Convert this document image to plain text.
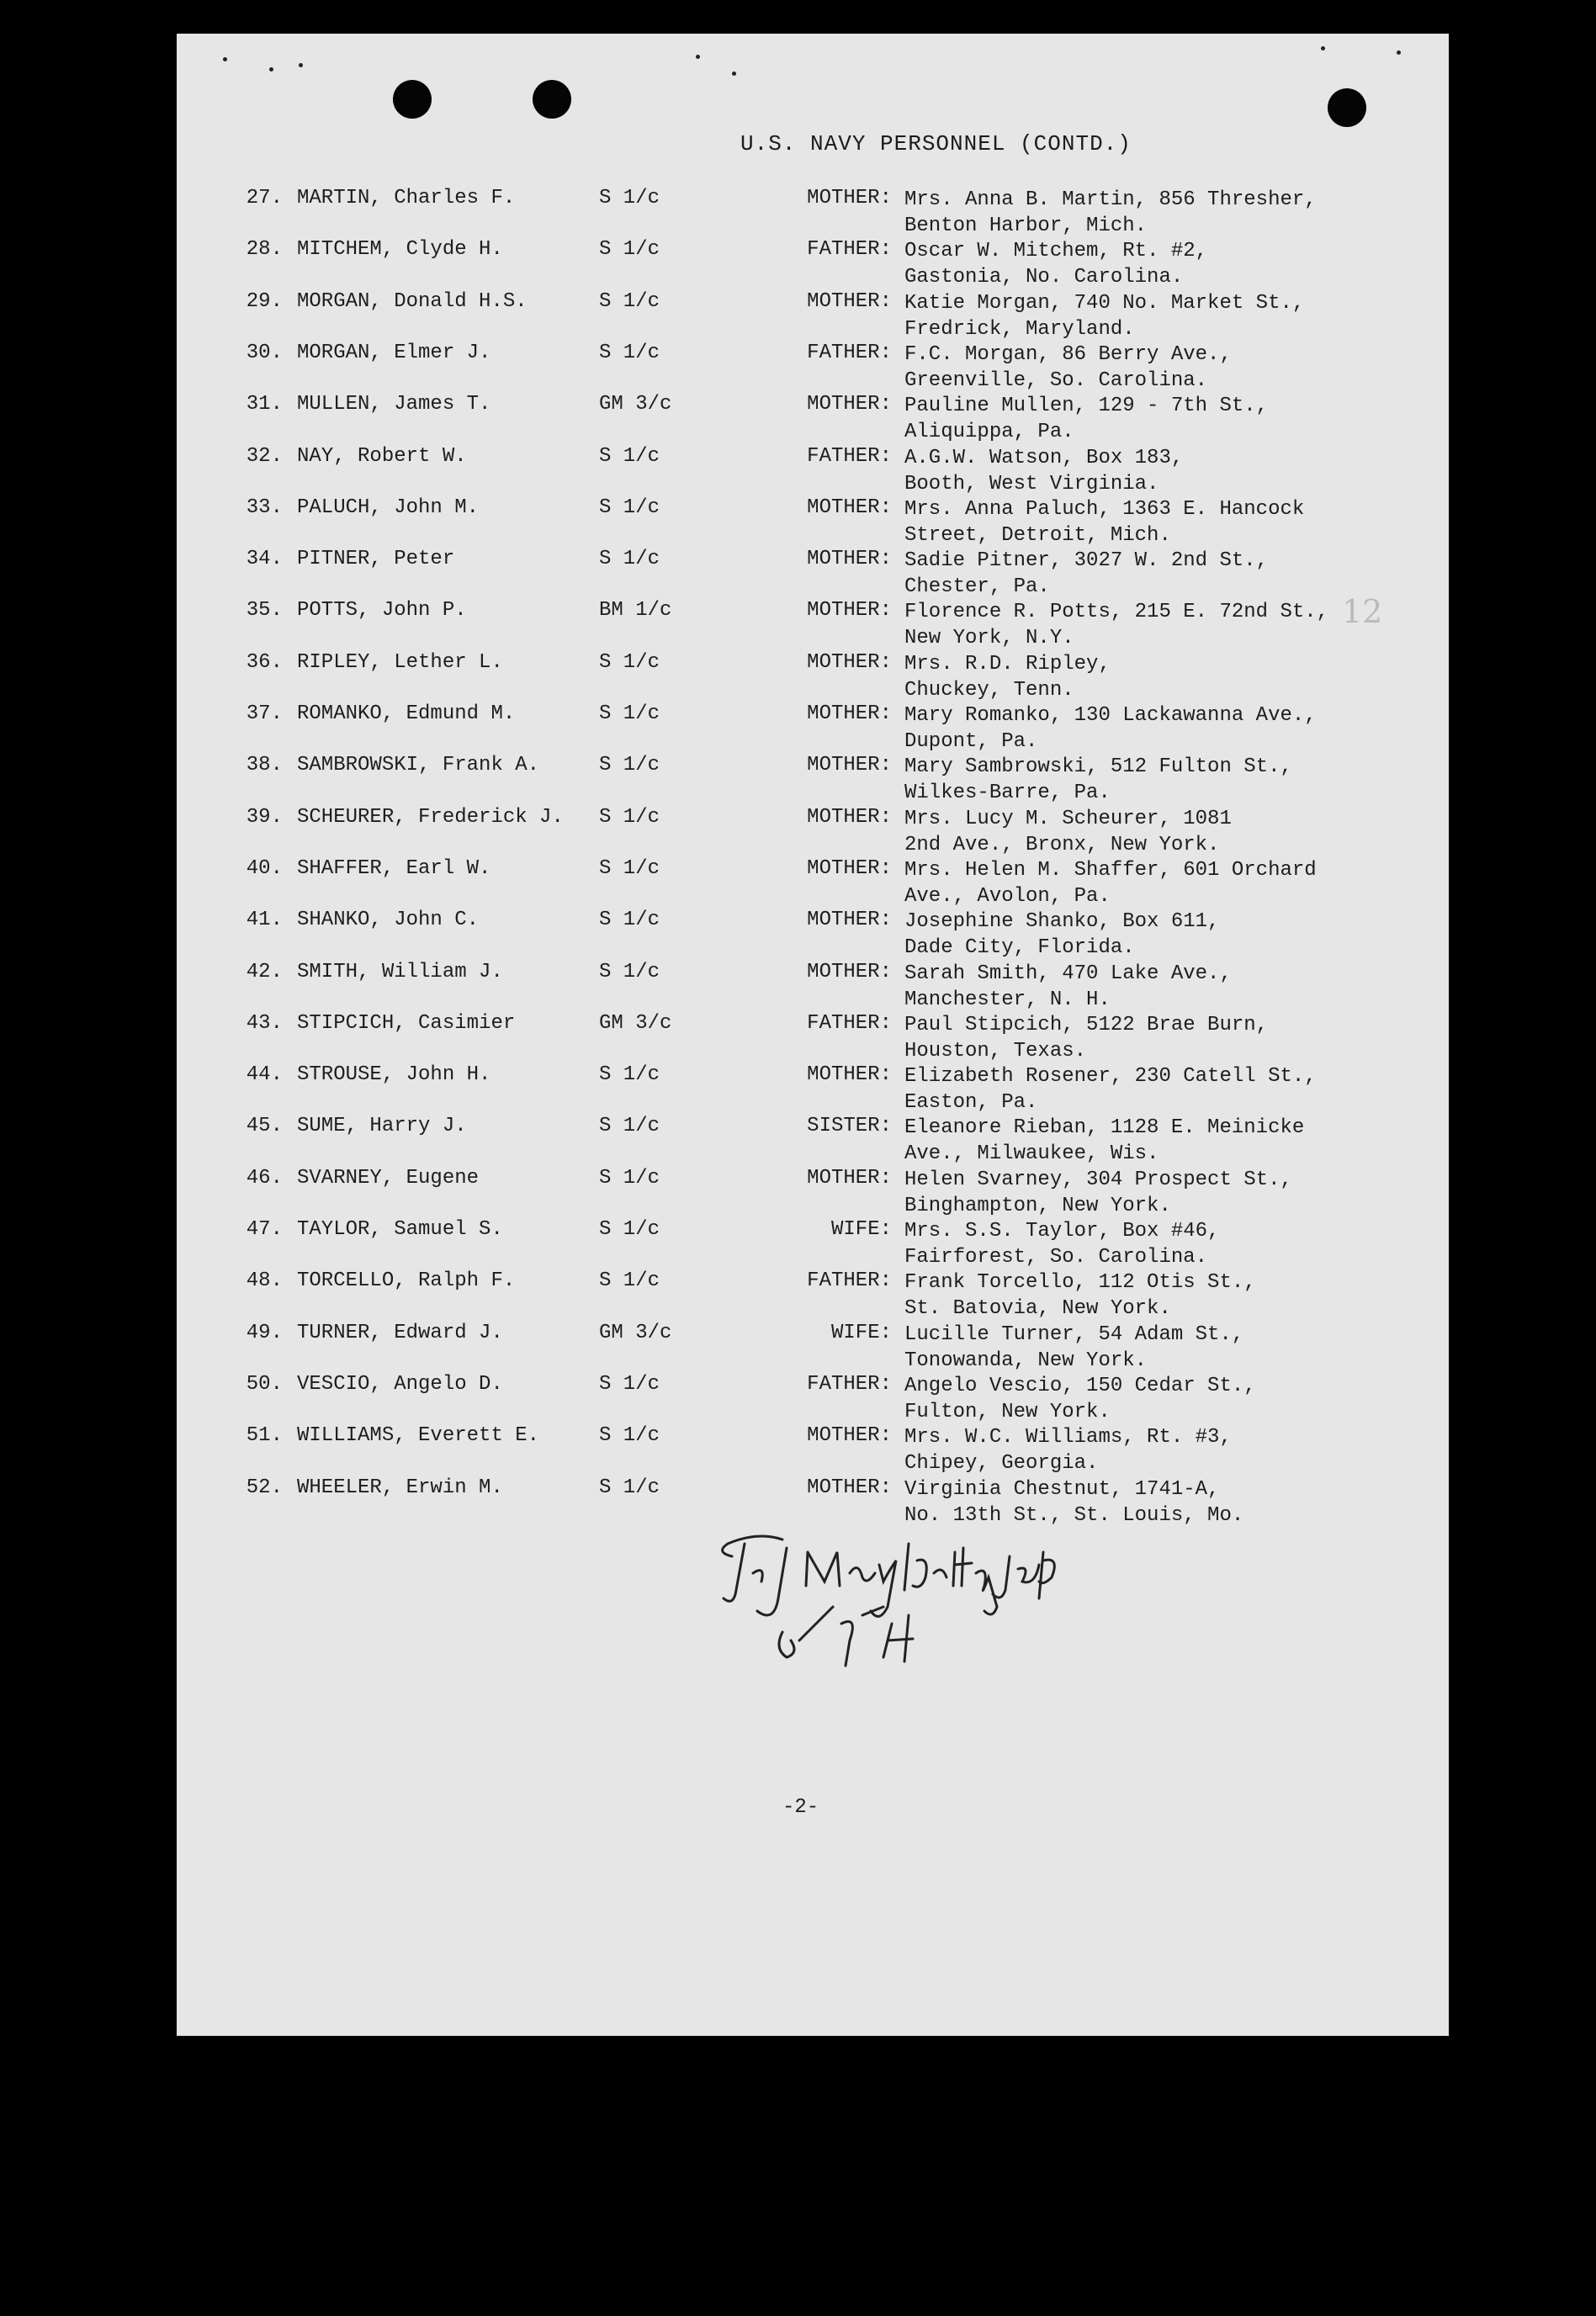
U.S. NAVY PERSONNEL (CONTD.)
27. MARTIN, Charles F.	S 1/c	MOTHER: Mrs. Anna B. Martin, 856 Thresher,
Benton Harbor, Mich.
28. MITCHEM, Clyde H.	S 1/c	FATHER: Oscar W. Mitchem, Rt. #2,
Gastonia, No. Carolina.
29. MORGAN, Donald H.S.	S 1/c	MOTHER: Katie Morgan, 740 No. Market St.,
Fredrick, Maryland.
30. MORGAN, Elmer J.	S 1/c	FATHER: F.C. Morgan, 86 Berry Ave.,
Greenville, So. Carolina.
31. MULLEN, James T.	GM 3/c	MOTHER: Pauline Mullen, 129 - 7th St.,
Aliquippa, Pa.
32. NAY, Robert W.	S 1/c	FATHER: A.G.W. Watson, Box 183,
Booth, West Virginia.
33. PALUCH, John M.	S 1/c	MOTHER: Mrs. Anna Paluch, 1363 E. Hancock
Street, Detroit, Mich.
34. PITNER, Peter	S 1/c	MOTHER: Sadie Pitner, 3027 W. 2nd St.,
Chester, Pa.
35. POTTS, John P.	BM 1/c	MOTHER: Florence R. Potts, 215 E. 72nd St.,
New York, N.Y.
36. RIPLEY, Lether L.	S 1/c	MOTHER: Mrs. R.D. Ripley,
Chuckey, Tenn.
37. ROMANKO, Edmund M.	S 1/c	MOTHER: Mary Romanko, 130 Lackawanna Ave.,
Dupont, Pa.
38. SAMBROWSKI, Frank A.	S 1/c	MOTHER: Mary Sambrowski, 512 Fulton St.,
Wilkes-Barre, Pa.
39. SCHEURER, Frederick J. S 1/c	MOTHER: Mrs. Lucy M. Scheurer, 1081
2nd Ave., Bronx, New York.
40. SHAFFER, Earl W.	S 1/c	MOTHER: Mrs. Helen M. Shaffer, 601 Orchard
Ave., Avolon, Pa.
41. SHANKO, John C.	S 1/c	MOTHER: Josephine Shanko, Box 611,
Dade City, Florida.
42. SMITH, William J.	S 1/c	MOTHER: Sarah Smith, 470 Lake Ave.,
Manchester, N. H.
43. STIPCICH, Casimier	GM 3/c	FATHER: Paul Stipcich, 5122 Brae Burn,
Houston, Texas.
44. STROUSE, John H.	S 1/c	MOTHER: Elizabeth Rosener, 230 Catell St.,
Easton, Pa.
45. SUME, Harry J.	S 1/c	SISTER: Eleanore Rieban, 1128 E. Meinicke
Ave., Milwaukee, Wis.
46. SVARNEY, Eugene	S 1/c	MOTHER: Helen Svarney, 304 Prospect St.,
Binghampton, New York.
47. TAYLOR, Samuel S.	S 1/c	WIFE: Mrs. S.S. Taylor, Box #46,
Fairforest, So. Carolina.
48. TORCELLO, Ralph F.	S 1/c	FATHER: Frank Torcello, 112 Otis St.,
St. Batovia, New York.
49. TURNER, Edward J.	GM 3/c	WIFE: Lucille Turner, 54 Adam St.,
Tonowanda, New York.
50. VESCIO, Angelo D.	S 1/c	FATHER: Angelo Vescio, 150 Cedar St.,
Fulton, New York.
51. WILLIAMS, Everett E.	S 1/c	MOTHER: Mrs. W.C. Williams, Rt. #3,
Chipey, Georgia.
52. WHEELER, Erwin M.	S 1/c	MOTHER: Virginia Chestnut, 1741-A,
No. 13th St., St. Louis, Mo.
12
6/9/44
-2-
